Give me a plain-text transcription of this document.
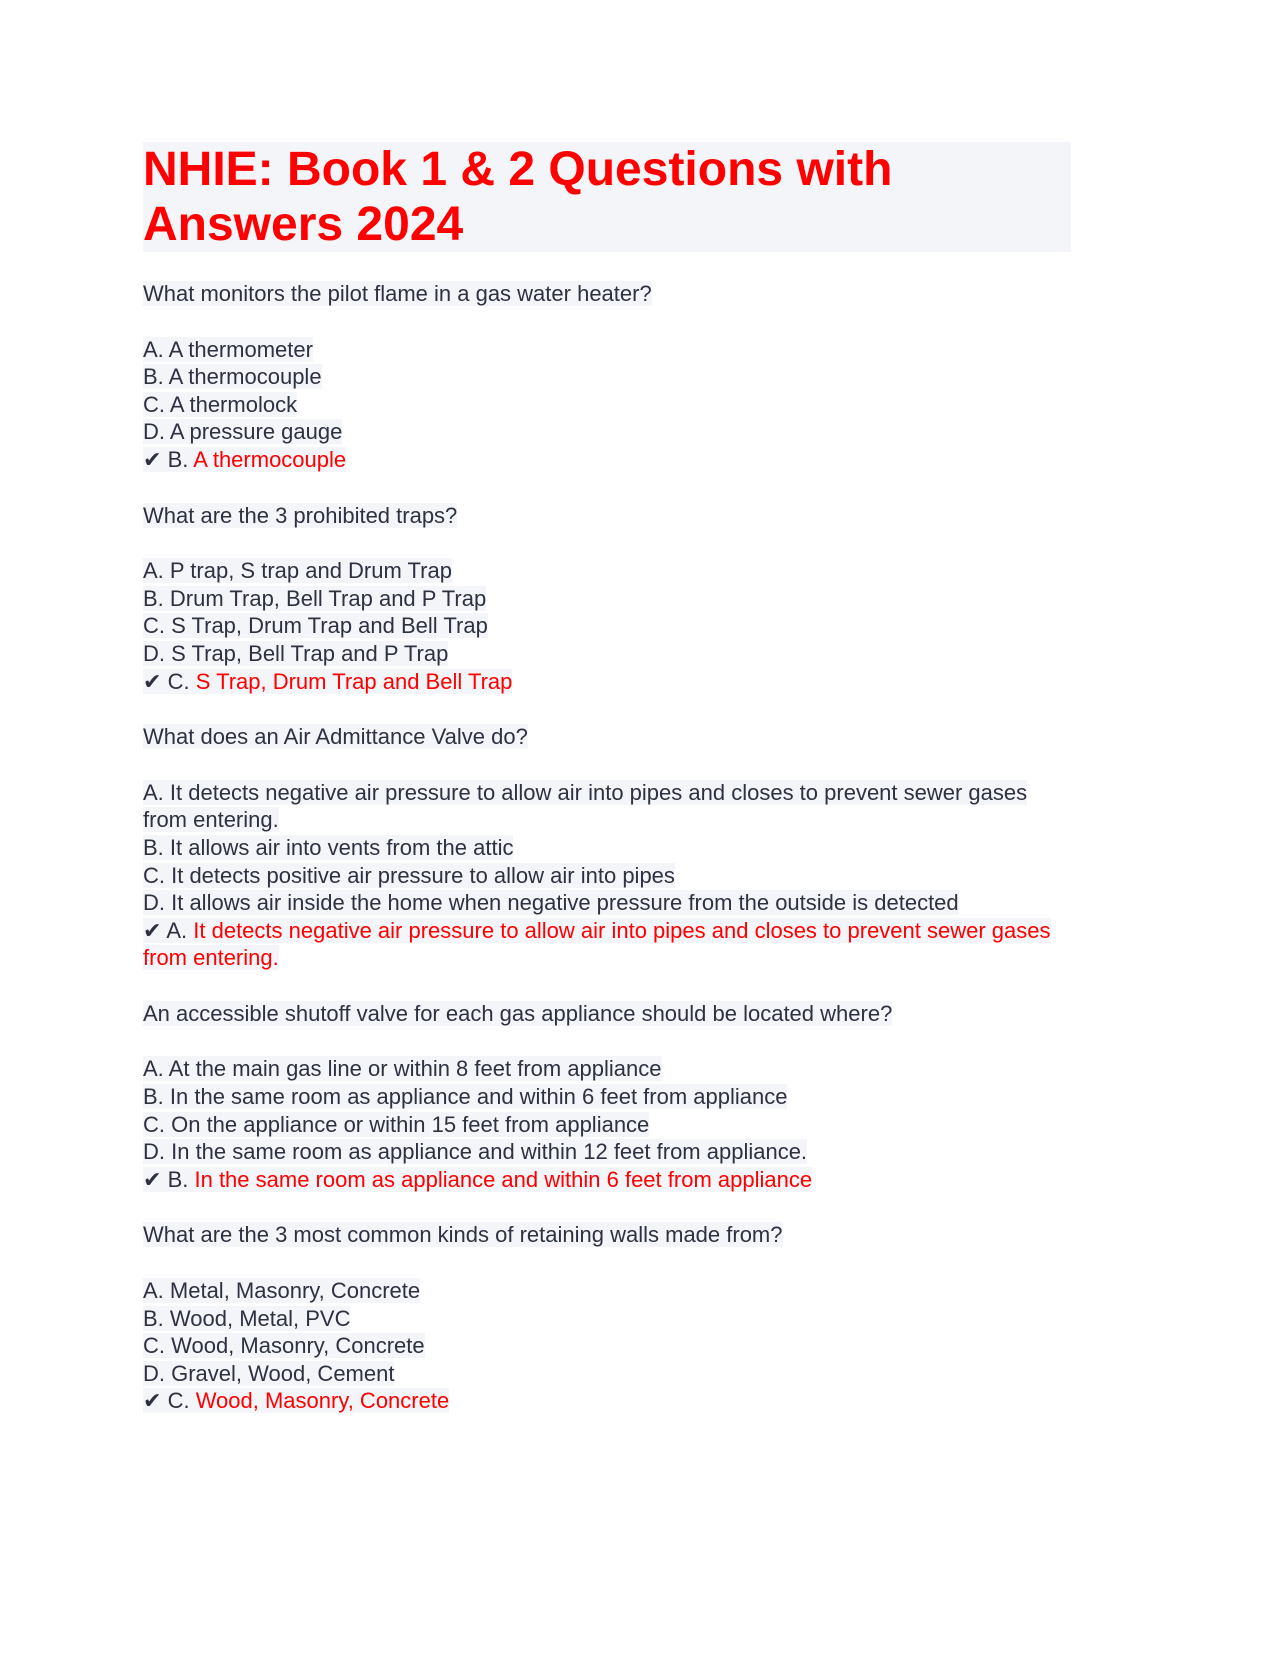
NHIE: Book 1 & 2 Questions with Answers 2024
What monitors the pilot flame in a gas water heater?
A. A thermometer
B. A thermocouple
C. A thermolock
D. A pressure gauge
✔ B. A thermocouple
What are the 3 prohibited traps?
A. P trap, S trap and Drum Trap
B. Drum Trap, Bell Trap and P Trap
C. S Trap, Drum Trap and Bell Trap
D. S Trap, Bell Trap and P Trap
✔ C. S Trap, Drum Trap and Bell Trap
What does an Air Admittance Valve do?
A. It detects negative air pressure to allow air into pipes and closes to prevent sewer gases from entering.
B. It allows air into vents from the attic
C. It detects positive air pressure to allow air into pipes
D. It allows air inside the home when negative pressure from the outside is detected
✔ A. It detects negative air pressure to allow air into pipes and closes to prevent sewer gases from entering.
An accessible shutoff valve for each gas appliance should be located where?
A. At the main gas line or within 8 feet from appliance
B. In the same room as appliance and within 6 feet from appliance
C. On the appliance or within 15 feet from appliance
D. In the same room as appliance and within 12 feet from appliance.
✔ B. In the same room as appliance and within 6 feet from appliance
What are the 3 most common kinds of retaining walls made from?
A. Metal, Masonry, Concrete
B. Wood, Metal, PVC
C. Wood, Masonry, Concrete
D. Gravel, Wood, Cement
✔ C. Wood, Masonry, Concrete
